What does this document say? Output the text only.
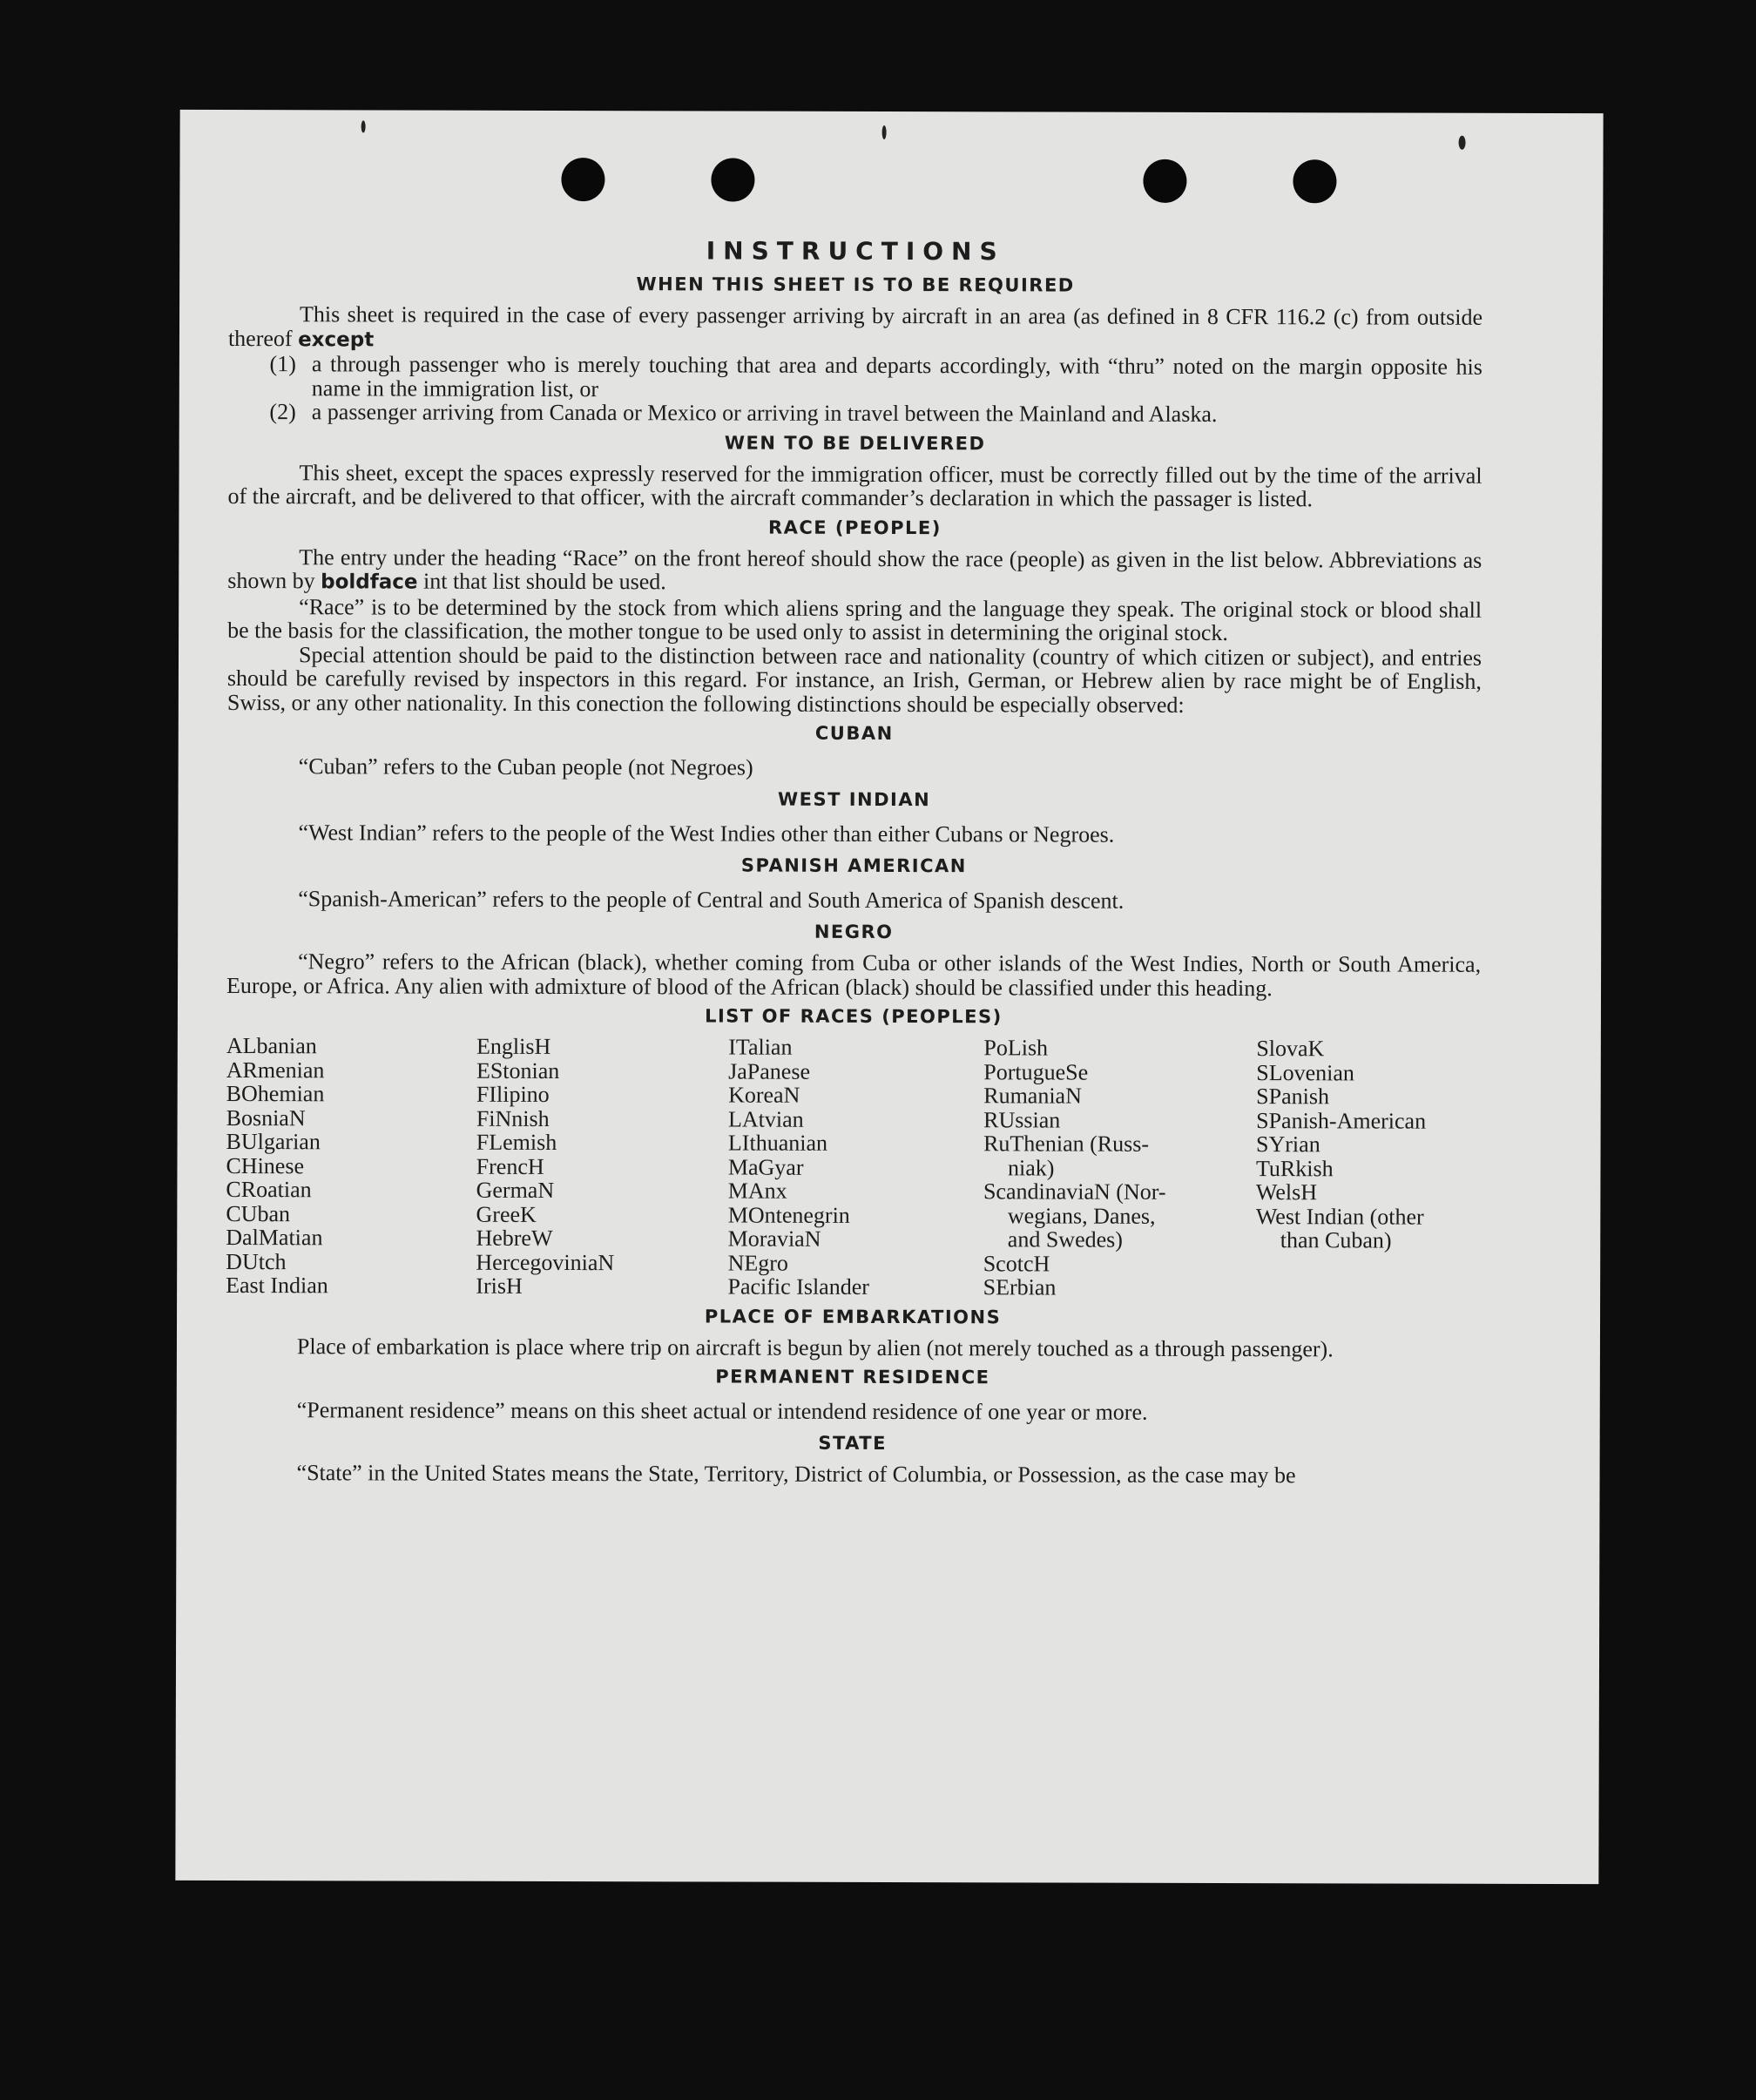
INSTRUCTIONS
WHEN THIS SHEET IS TO BE REQUIRED

This sheet is required in the case of every passenger arriving by aircraft in an area (as defined in 8 CFR 116.2 (c) from outside thereof except

(1) a through passenger who is merely touching that area and departs accordingly, with “thru” noted on the margin opposite his name in the immigration list, or
(2) a passenger arriving from Canada or Mexico or arriving in travel between the Mainland and Alaska.
WEN TO BE DELIVERED

This sheet, except the spaces expressly reserved for the immigration officer, must be correctly filled out by the time of the arrival of the aircraft, and be delivered to that officer, with the aircraft commander’s declaration in which the passager is listed.

RACE (PEOPLE)

The entry under the heading “Race” on the front hereof should show the race (people) as given in the list below. Abbreviations as shown by boldface int that list should be used.

“Race” is to be determined by the stock from which aliens spring and the language they speak. The original stock or blood shall be the basis for the classification, the mother tongue to be used only to assist in determining the original stock.

Special attention should be paid to the distinction between race and nationality (country of which citizen or subject), and entries should be carefully revised by inspectors in this regard. For instance, an Irish, German, or Hebrew alien by race might be of English, Swiss, or any other nationality. In this conection the following distinctions should be especially observed:

CUBAN
“Cuban” refers to the Cuban people (not Negroes)
WEST INDIAN
“West Indian” refers to the people of the West Indies other than either Cubans or Negroes.
SPANISH AMERICAN
“Spanish-American” refers to the people of Central and South America of Spanish descent.
NEGRO

“Negro” refers to the African (black), whether coming from Cuba or other islands of the West Indies, North or South America, Europe, or Africa. Any alien with admixture of blood of the African (black) should be classified under this heading.

LIST OF RACES (PEOPLES)
ALbanian
ARmenian
BOhemian
BosniaN
BUlgarian
CHinese
CRoatian
CUban
DalMatian
DUtch
East Indian
EnglisH
EStonian
FIlipino
FiNnish
FLemish
FrencH
GermaN
GreeK
HebreW
HercegoviniaN
IrisH
ITalian
JaPanese
KoreaN
LAtvian
LIthuanian
MaGyar
MAnx
MOntenegrin
MoraviaN
NEgro
Pacific Islander
PoLish
PortugueSe
RumaniaN
RUssian
RuThenian (Russ-
niak)
ScandinaviaN (Nor-
wegians, Danes,
and Swedes)
ScotcH
SErbian
SlovaK
SLovenian
SPanish
SPanish-American
SYrian
TuRkish
WelsH
West Indian (other
than Cuban)
PLACE OF EMBARKATIONS

Place of embarkation is place where trip on aircraft is begun by alien (not merely touched as a through passenger).

PERMANENT RESIDENCE
“Permanent residence” means on this sheet actual or intendend residence of one year or more.
STATE

“State” in the United States means the State, Territory, District of Columbia, or Possession, as the case may be
